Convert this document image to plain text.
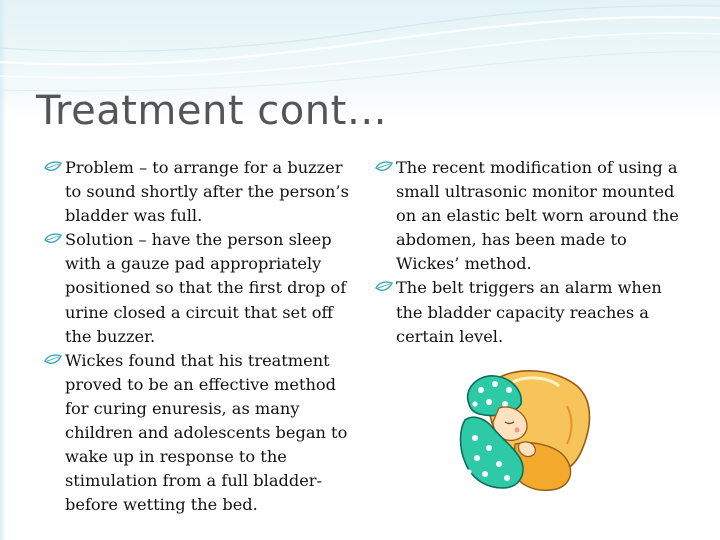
Treatment cont…
Problem – to arrange for a buzzer to sound shortly after the person’s bladder was full.
Solution – have the person sleep with a gauze pad appropriately positioned so that the first drop of urine closed a circuit that set off the buzzer.
Wickes found that his treatment proved to be an effective method for curing enuresis, as many children and adolescents began to wake up in response to the stimulation from a full bladder- before wetting the bed.
The recent modification of using a small ultrasonic monitor mounted on an elastic belt worn around the abdomen, has been made to Wickes’ method.
The belt triggers an alarm when the bladder capacity reaches a certain level.
